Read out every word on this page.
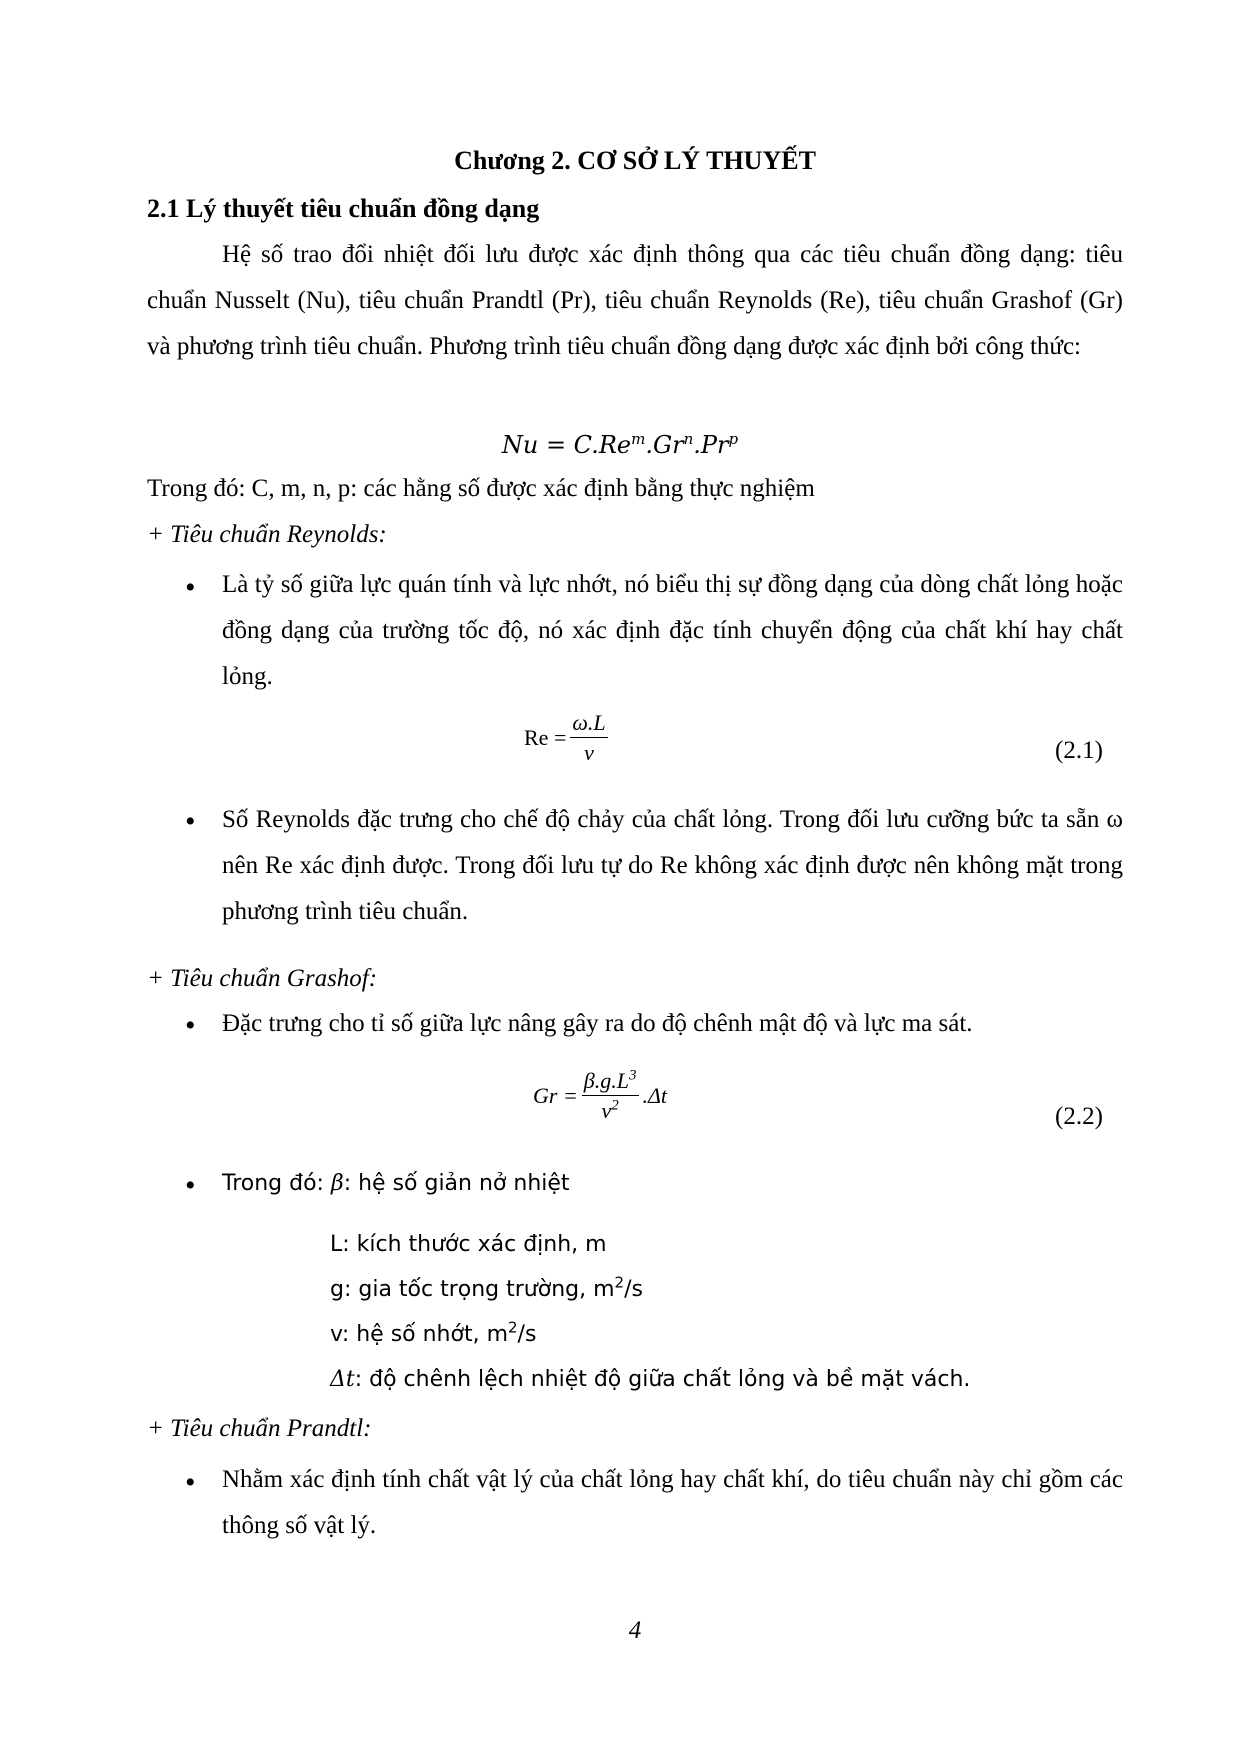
Chương 2. CƠ SỞ LÝ THUYẾT
2.1 Lý thuyết tiêu chuẩn đồng dạng
Hệ số trao đổi nhiệt đối lưu được xác định thông qua các tiêu chuẩn đồng dạng: tiêu chuẩn Nusselt (Nu), tiêu chuẩn Prandtl (Pr), tiêu chuẩn Reynolds (Re), tiêu chuẩn Grashof (Gr) và phương trình tiêu chuẩn. Phương trình tiêu chuẩn đồng dạng được xác định bởi công thức:
$Nu = C.Re^m.Gr^n.Pr^p$
Trong đó: C, m, n, p: các hằng số được xác định bằng thực nghiệm
+ Tiêu chuẩn Reynolds:
•
Là tỷ số giữa lực quán tính và lực nhớt, nó biểu thị sự đồng dạng của dòng chất lỏng hoặc đồng dạng của trường tốc độ, nó xác định đặc tính chuyển động của chất khí hay chất lỏng.
$Re = \frac{\omega.L}{\nu}$	(2.1)
•
Số Reynolds đặc trưng cho chế độ chảy của chất lỏng. Trong đối lưu cưỡng bức ta sẵn ω nên Re xác định được. Trong đối lưu tự do Re không xác định được nên không mặt trong phương trình tiêu chuẩn.
+ Tiêu chuẩn Grashof:
•
Đặc trưng cho tỉ số giữa lực nâng gây ra do độ chênh mật độ và lực ma sát.
$Gr = \frac{\beta.g.L^3}{\nu^2} .\Delta t$
(2.2)
•
Trong đó: β: hệ số giản nở nhiệt
L: kích thước xác định, m
g: gia tốc trọng trường, $m^2/s$
v: hệ số nhớt, $m^2/s$
Δt: độ chênh lệch nhiệt độ giữa chất lỏng và bề mặt vách.
+ Tiêu chuẩn Prandtl:
•
Nhằm xác định tính chất vật lý của chất lỏng hay chất khí, do tiêu chuẩn này chỉ gồm các thông số vật lý.
4
